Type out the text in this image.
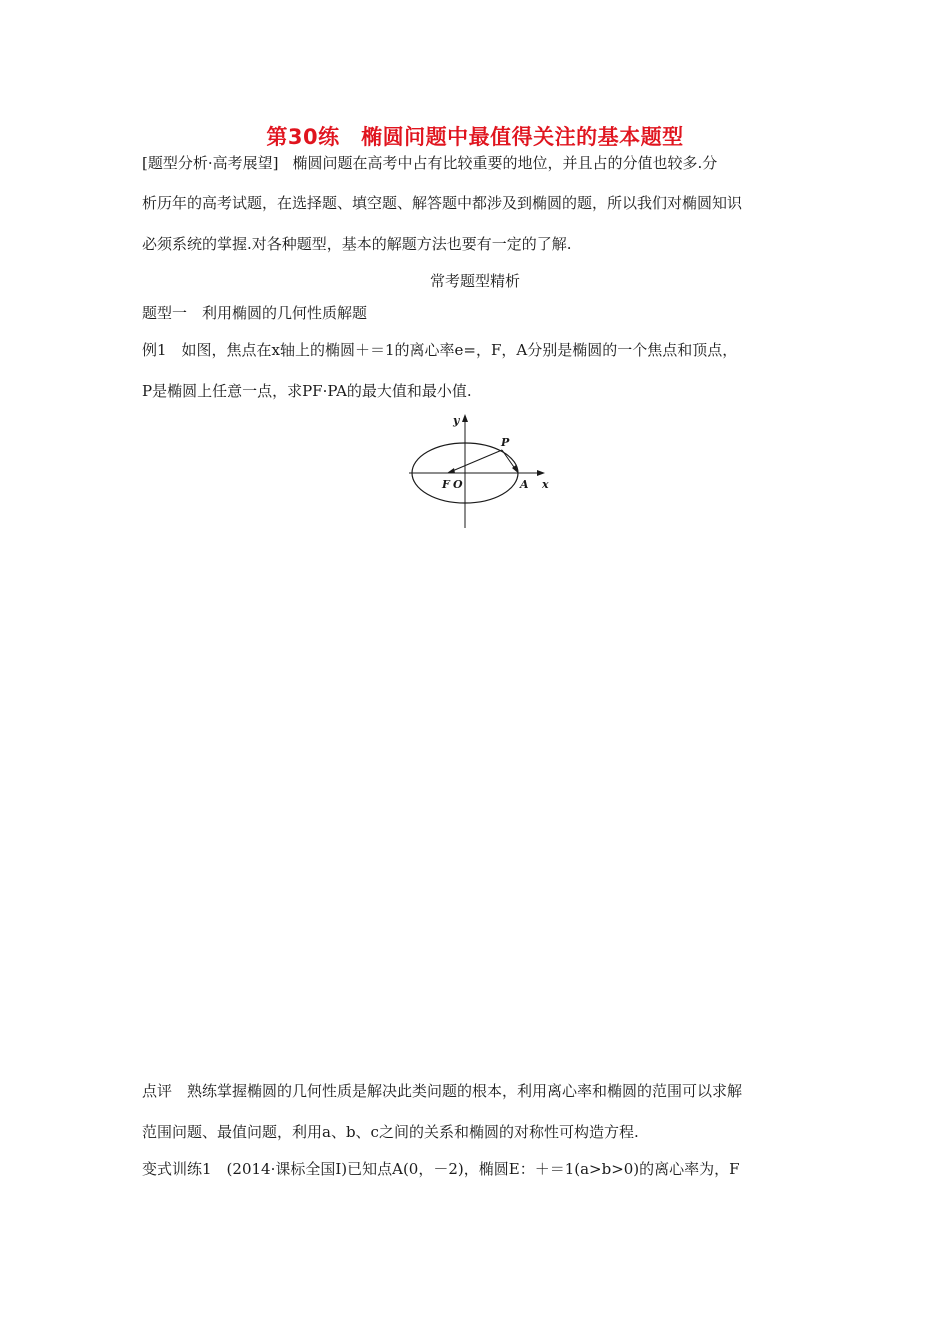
第30练　椭圆问题中最值得关注的基本题型
[题型分析·高考展望] 椭圆问题在高考中占有比较重要的地位，并且占的分值也较多.分
析历年的高考试题，在选择题、填空题、解答题中都涉及到椭圆的题，所以我们对椭圆知识
必须系统的掌握.对各种题型，基本的解题方法也要有一定的了解.
常考题型精析
题型一　利用椭圆的几何性质解题
例1　如图，焦点在x轴上的椭圆＋＝1的离心率e=，F，A分别是椭圆的一个焦点和顶点，
P是椭圆上任意一点，求PF·PA的最大值和最小值.
y
x
P
F O	A
点评　熟练掌握椭圆的几何性质是解决此类问题的根本，利用离心率和椭圆的范围可以求解
范围问题、最值问题，利用a、b、c之间的关系和椭圆的对称性可构造方程.
变式训练1　(2014·课标全国Ⅰ)已知点A(0，－2)，椭圆E：＋＝1(a>b>0)的离心率为，F
